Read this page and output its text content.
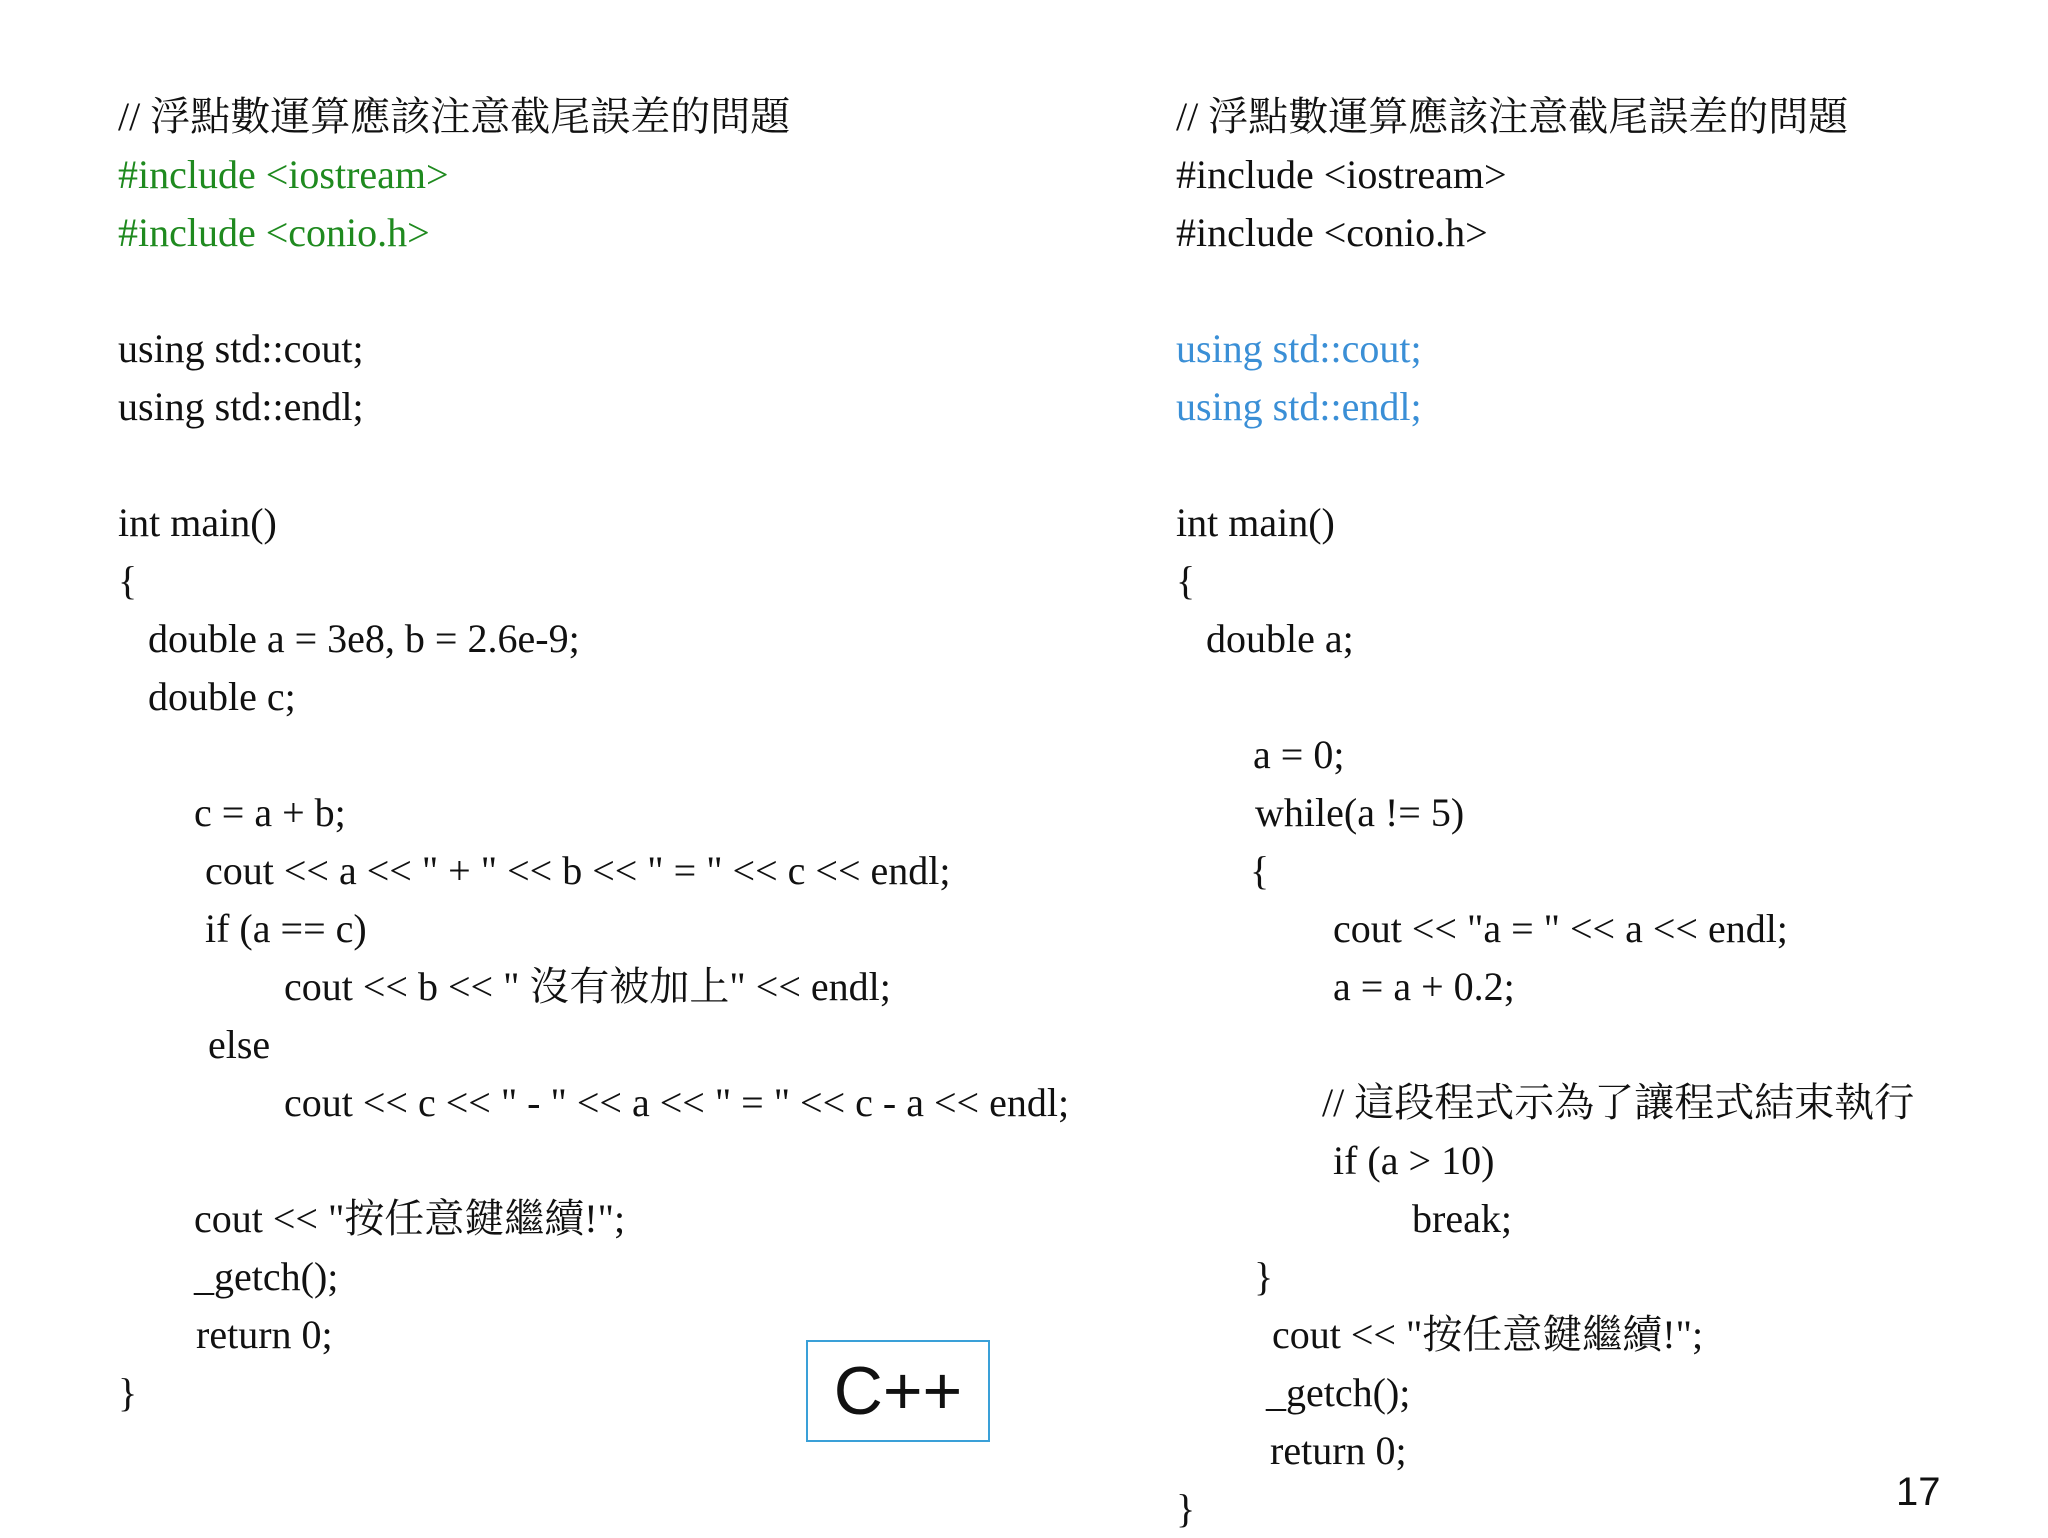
// 浮點數運算應該注意截尾誤差的問題
#include <iostream>
#include <conio.h>
using std::cout;
using std::endl;
int main()
{
double a = 3e8, b = 2.6e-9;
double c;
c = a + b;
cout << a << " + " << b << " = " << c << endl;
if (a == c)
cout << b << " 沒有被加上" << endl;
else
cout << c << " - " << a << " = " << c - a << endl;
cout << "按任意鍵繼續!";
_getch();
return 0;
}
// 浮點數運算應該注意截尾誤差的問題
#include <iostream>
#include <conio.h>
using std::cout;
using std::endl;
int main()
{
double a;
a = 0;
while(a != 5)
{
cout << "a = " << a << endl;
a = a + 0.2;
// 這段程式示為了讓程式結束執行
if (a > 10)
break;
}
cout << "按任意鍵繼續!";
_getch();
return 0;
}
C++
17
